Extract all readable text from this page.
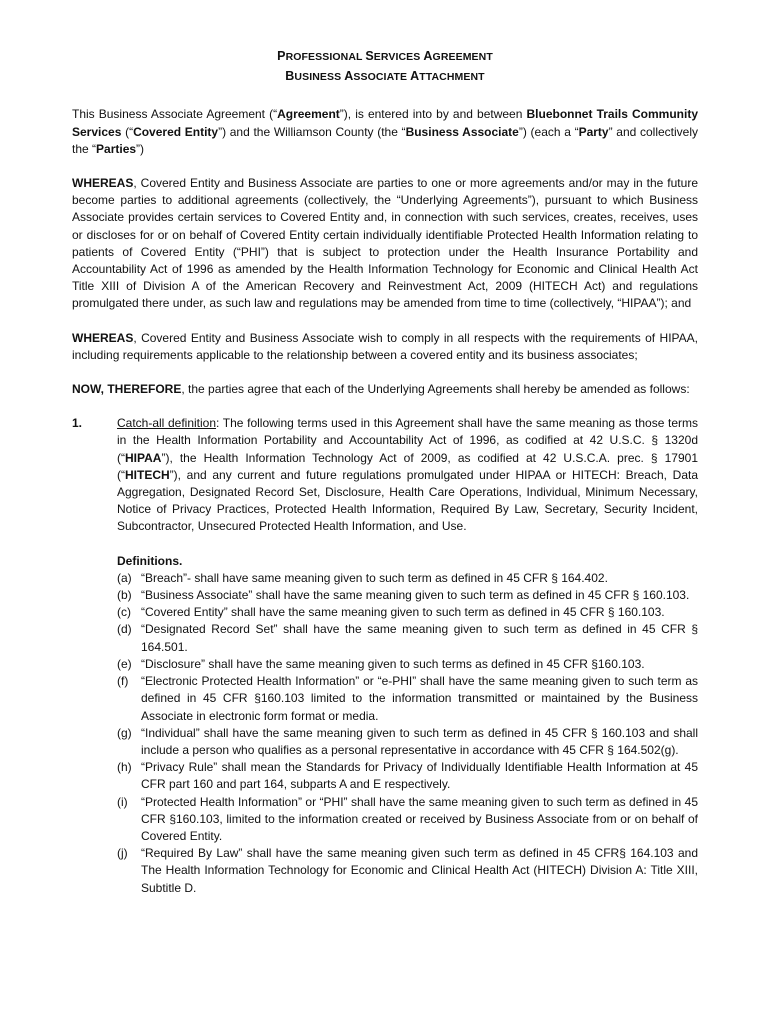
PROFESSIONAL SERVICES AGREEMENT
BUSINESS ASSOCIATE ATTACHMENT

This Business Associate Agreement (“Agreement”), is entered into by and between Bluebonnet Trails Community Services (“Covered Entity”) and the Williamson County (the “Business Associate”) (each a “Party” and collectively the “Parties”)

WHEREAS, Covered Entity and Business Associate are parties to one or more agreements and/or may in the future become parties to additional agreements (collectively, the “Underlying Agreements”), pursuant to which Business Associate provides certain services to Covered Entity and, in connection with such services, creates, receives, uses or discloses for or on behalf of Covered Entity certain individually identifiable Protected Health Information relating to patients of Covered Entity (“PHI”) that is subject to protection under the Health Insurance Portability and Accountability Act of 1996 as amended by the Health Information Technology for Economic and Clinical Health Act Title XIII of Division A of the American Recovery and Reinvestment Act, 2009 (HITECH Act) and regulations promulgated there under, as such law and regulations may be amended from time to time (collectively, “HIPAA”); and

WHEREAS, Covered Entity and Business Associate wish to comply in all respects with the requirements of HIPAA, including requirements applicable to the relationship between a covered entity and its business associates;

NOW, THEREFORE, the parties agree that each of the Underlying Agreements shall hereby be amended as follows:

1.	Catch-all definition: The following terms used in this Agreement shall have the same meaning as those terms in the Health Information Portability and Accountability Act of 1996, as codified at 42 U.S.C. § 1320d (“HIPAA”), the Health Information Technology Act of 2009, as codified at 42 U.S.C.A. prec. § 17901 (“HITECH”), and any current and future regulations promulgated under HIPAA or HITECH: Breach, Data Aggregation, Designated Record Set, Disclosure, Health Care Operations, Individual, Minimum Necessary, Notice of Privacy Practices, Protected Health Information, Required By Law, Secretary, Security Incident, Subcontractor, Unsecured Protected Health Information, and Use.
Definitions.
(a) “Breach”- shall have same meaning given to such term as defined in 45 CFR § 164.402.
(b) “Business Associate” shall have the same meaning given to such term as defined in 45 CFR § 160.103.
(c) “Covered Entity” shall have the same meaning given to such term as defined in 45 CFR § 160.103.
(d) “Designated Record Set” shall have the same meaning given to such term as defined in 45 CFR § 164.501.
(e) “Disclosure” shall have the same meaning given to such terms as defined in 45 CFR §160.103.
(f)	“Electronic Protected Health Information” or “e-PHI” shall have the same meaning given to such term as defined in 45 CFR §160.103 limited to the information transmitted or maintained by the Business Associate in electronic form format or media.
(g) “Individual” shall have the same meaning given to such term as defined in 45 CFR § 160.103 and shall include a person who qualifies as a personal representative in accordance with 45 CFR § 164.502(g).
(h) “Privacy Rule” shall mean the Standards for Privacy of Individually Identifiable Health Information at 45 CFR part 160 and part 164, subparts A and E respectively.
(i)	“Protected Health Information” or “PHI” shall have the same meaning given to such term as defined in 45 CFR §160.103, limited to the information created or received by Business Associate from or on behalf of Covered Entity.
(j)	“Required By Law” shall have the same meaning given such term as defined in 45 CFR§ 164.103 and The Health Information Technology for Economic and Clinical Health Act (HITECH) Division A: Title XIII, Subtitle D.
